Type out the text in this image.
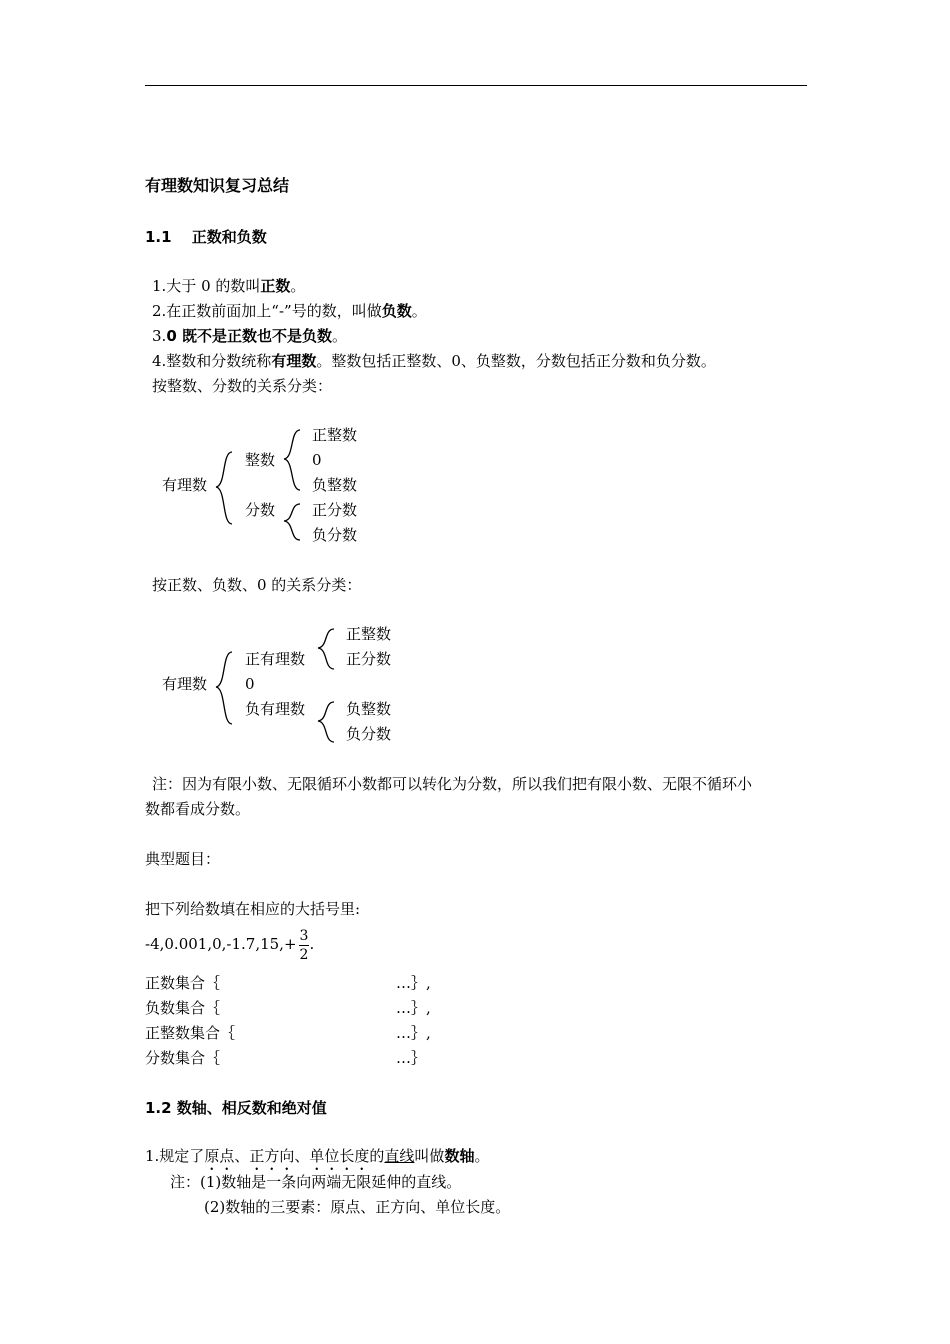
有理数知识复习总结
1.1　 正数和负数
1.大于 0 的数叫正数。
2.在正数前面加上“-”号的数，叫做负数。
3.0 既不是正数也不是负数。
4.整数和分数统称有理数。整数包括正整数、0、负整数，分数包括正分数和负分数。
按整数、分数的关系分类：
有理数
整数
正整数
0
负整数
分数 正分数
负分数
按正数、负数、0 的关系分类：
有理数
正有理数
正整数
正分数
0
负有理数	负整数
负分数
注：因为有限小数、无限循环小数都可以转化为分数，所以我们把有限小数、无限不循环小
数都看成分数。
典型题目：
把下列给数填在相应的大括号里:
$-4,0.001,0,-1.7,15,+ \frac{3}{2}$ .
正数集合｛	…｝,
负数集合｛	…｝,
正整数集合｛	…｝,
分数集合｛	…｝
1.2 数轴、相反数和绝对值
1.规定了原点、正方向、单位长度的直线叫做数轴。
注：(1)数轴是一条向两端无限延伸的直线。
(2)数轴的三要素：原点、正方向、单位长度。
